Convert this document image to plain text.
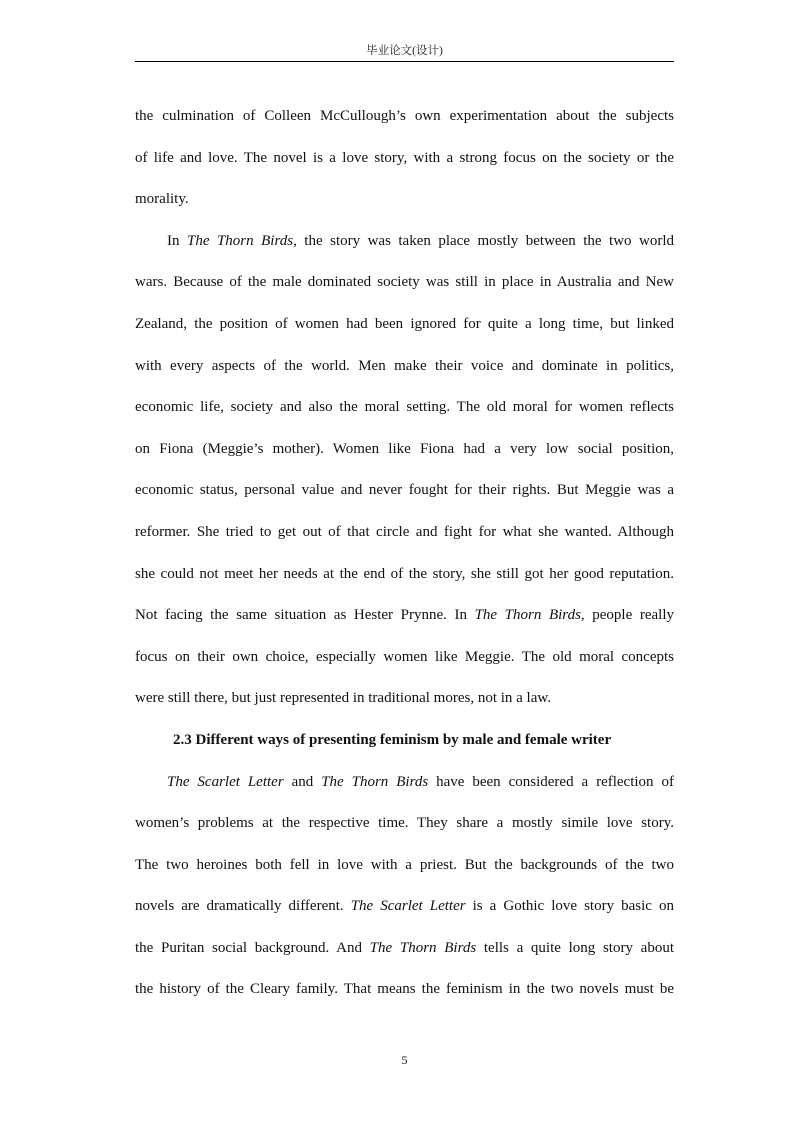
毕业论文(设计)
the culmination of Colleen McCullough’s own experimentation about the subjects
of life and love. The novel is a love story, with a strong focus on the society or the
morality.
In The Thorn Birds, the story was taken place mostly between the two world
wars. Because of the male dominated society was still in place in Australia and New
Zealand, the position of women had been ignored for quite a long time, but linked
with every aspects of the world. Men make their voice and dominate in politics,
economic life, society and also the moral setting. The old moral for women reflects
on Fiona (Meggie’s mother). Women like Fiona had a very low social position,
economic status, personal value and never fought for their rights. But Meggie was a
reformer. She tried to get out of that circle and fight for what she wanted. Although
she could not meet her needs at the end of the story, she still got her good reputation.
Not facing the same situation as Hester Prynne. In The Thorn Birds, people really
focus on their own choice, especially women like Meggie. The old moral concepts
were still there, but just represented in traditional mores, not in a law.
2.3 Different ways of presenting feminism by male and female writer
The Scarlet Letter and The Thorn Birds have been considered a reflection of
women’s problems at the respective time. They share a mostly simile love story.
The two heroines both fell in love with a priest. But the backgrounds of the two
novels are dramatically different. The Scarlet Letter is a Gothic love story basic on
the Puritan social background. And The Thorn Birds tells a quite long story about
the history of the Cleary family. That means the feminism in the two novels must be
5
